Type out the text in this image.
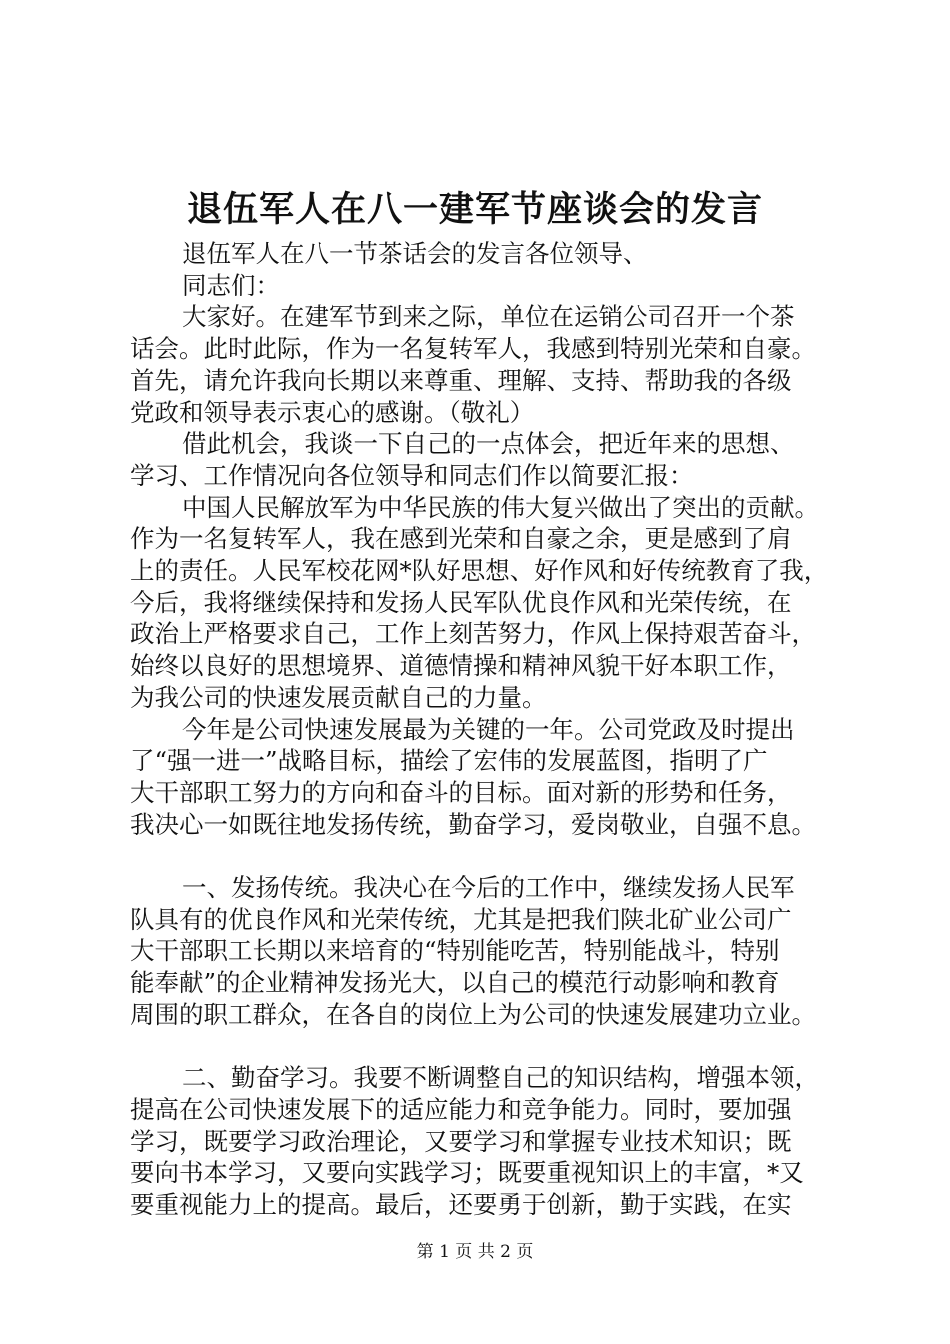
退伍军人在八一建军节座谈会的发言
退伍军人在八一节茶话会的发言各位领导、
同志们：
大家好。在建军节到来之际，单位在运销公司召开一个茶
话会。此时此际，作为一名复转军人，我感到特别光荣和自豪。
首先，请允许我向长期以来尊重、理解、支持、帮助我的各级
党政和领导表示衷心的感谢。（敬礼）
借此机会，我谈一下自己的一点体会，把近年来的思想、
学习、工作情况向各位领导和同志们作以简要汇报：
中国人民解放军为中华民族的伟大复兴做出了突出的贡献。
作为一名复转军人，我在感到光荣和自豪之余，更是感到了肩
上的责任。人民军校花网*队好思想、好作风和好传统教育了我，
今后，我将继续保持和发扬人民军队优良作风和光荣传统，在
政治上严格要求自己，工作上刻苦努力，作风上保持艰苦奋斗，
始终以良好的思想境界、道德情操和精神风貌干好本职工作，
为我公司的快速发展贡献自己的力量。
今年是公司快速发展最为关键的一年。公司党政及时提出
了“强一进一”战略目标，描绘了宏伟的发展蓝图，指明了广
大干部职工努力的方向和奋斗的目标。面对新的形势和任务，
我决心一如既往地发扬传统，勤奋学习，爱岗敬业，自强不息。
一、发扬传统。我决心在今后的工作中，继续发扬人民军
队具有的优良作风和光荣传统，尤其是把我们陕北矿业公司广
大干部职工长期以来培育的“特别能吃苦，特别能战斗，特别
能奉献”的企业精神发扬光大，以自己的模范行动影响和教育
周围的职工群众，在各自的岗位上为公司的快速发展建功立业。
二、勤奋学习。我要不断调整自己的知识结构，增强本领，
提高在公司快速发展下的适应能力和竞争能力。同时，要加强
学习，既要学习政治理论，又要学习和掌握专业技术知识；既
要向书本学习，又要向实践学习；既要重视知识上的丰富，*又
要重视能力上的提高。最后，还要勇于创新，勤于实践，在实
第 1 页 共 2 页
